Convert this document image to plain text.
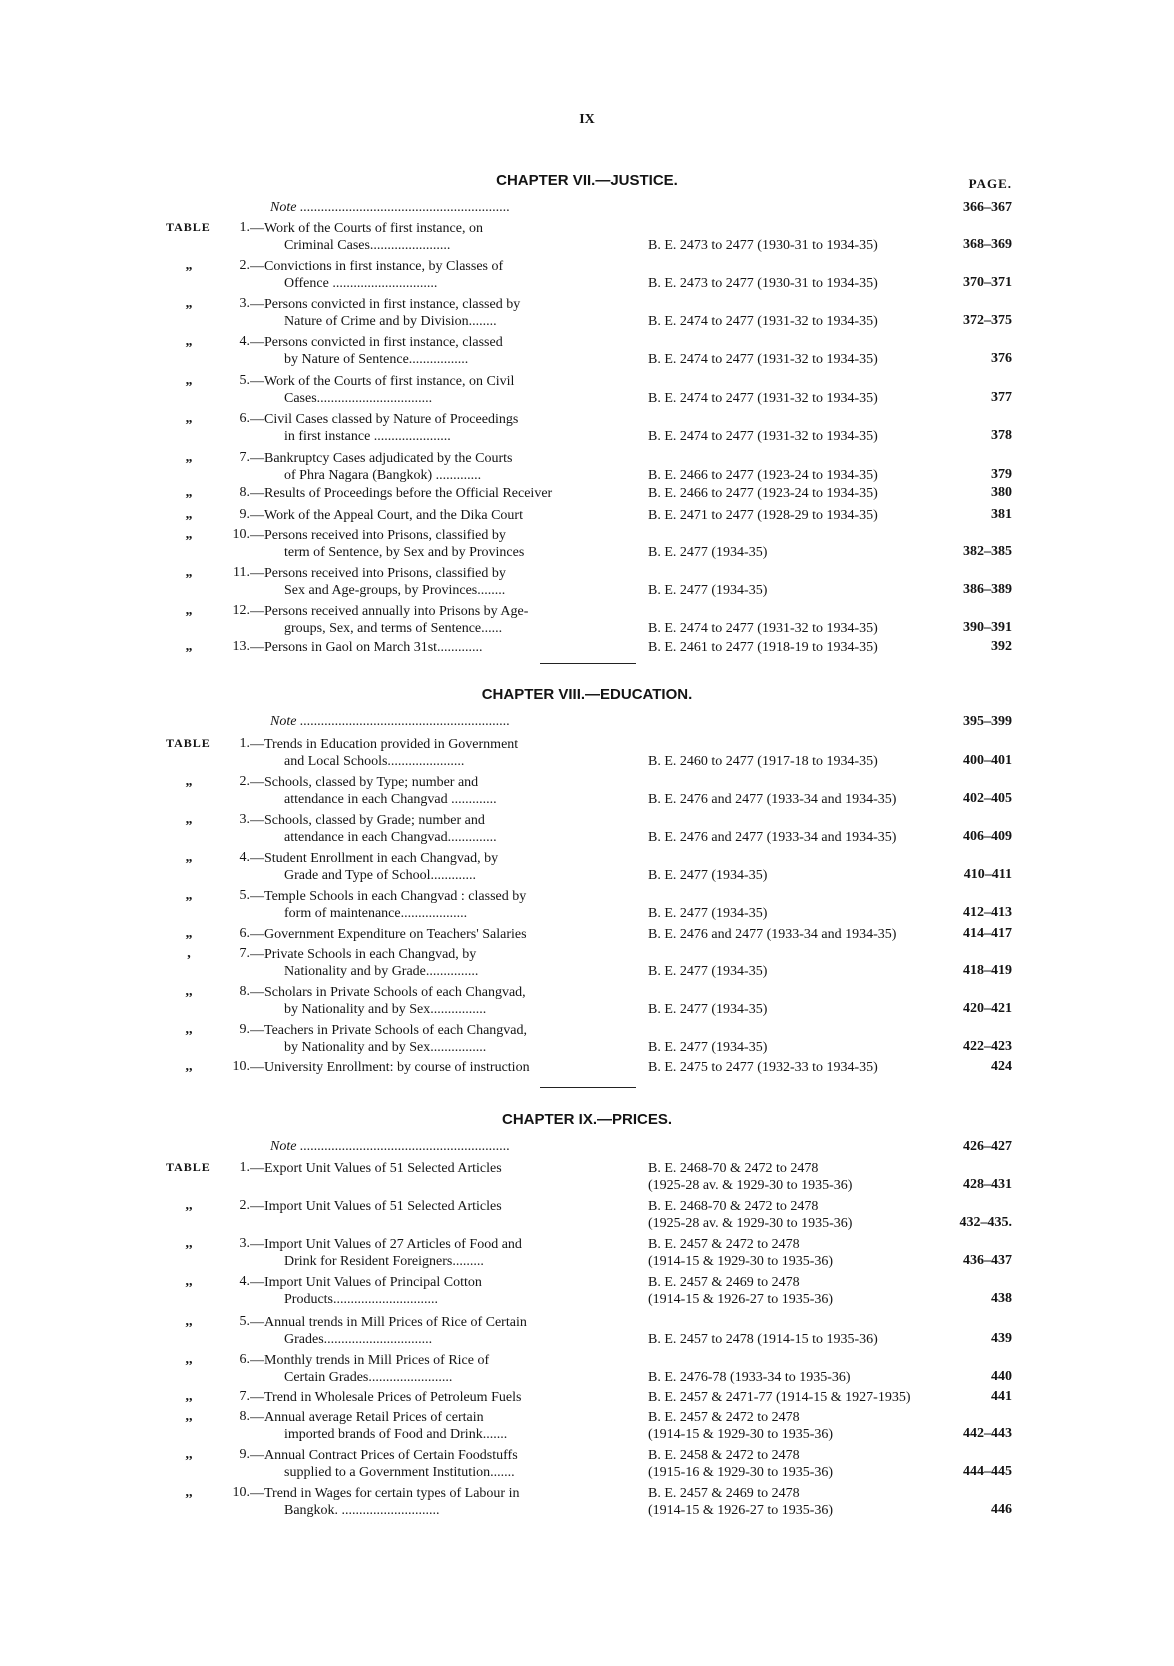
IX
PAGE.
CHAPTER VII.—JUSTICE.
Note ............................................................	366–367
TABLE	1. —Work of the Courts of first instance, on
Criminal Cases.......................	B. E. 2473 to 2477 (1930-31 to 1934-35)	368–369
„	2. —Convictions in first instance, by Classes of
Offence ..............................	B. E. 2473 to 2477 (1930-31 to 1934-35)	370–371
„	3. —Persons convicted in first instance, classed by
Nature of Crime and by Division........	B. E. 2474 to 2477 (1931-32 to 1934-35)	372–375
„	4. —Persons convicted in first instance, classed
by Nature of Sentence.................	B. E. 2474 to 2477 (1931-32 to 1934-35)	376
„	5. —Work of the Courts of first instance, on Civil
Cases.................................	B. E. 2474 to 2477 (1931-32 to 1934-35)	377
„	6. —Civil Cases classed by Nature of Proceedings
in first instance ......................	B. E. 2474 to 2477 (1931-32 to 1934-35)	378
„	7. —Bankruptcy Cases adjudicated by the Courts
of Phra Nagara (Bangkok) .............	B. E. 2466 to 2477 (1923-24 to 1934-35)	379
„	8. —Results of Proceedings before the Official Receiver	B. E. 2466 to 2477 (1923-24 to 1934-35)	380
„	9. —Work of the Appeal Court, and the Dika Court	B. E. 2471 to 2477 (1928-29 to 1934-35)	381
„	10. —Persons received into Prisons, classified by
term of Sentence, by Sex and by Provinces	B. E. 2477 (1934-35)	382–385
„	11. —Persons received into Prisons, classified by
Sex and Age-groups, by Provinces........	B. E. 2477 (1934-35)	386–389
„	12. —Persons received annually into Prisons by Age-
groups, Sex, and terms of Sentence......	B. E. 2474 to 2477 (1931-32 to 1934-35)	390–391
„	13. —Persons in Gaol on March 31st.............	B. E. 2461 to 2477 (1918-19 to 1934-35)	392
CHAPTER VIII.—EDUCATION.
Note ............................................................	395–399
TABLE	1. —Trends in Education provided in Government
and Local Schools......................	B. E. 2460 to 2477 (1917-18 to 1934-35)	400–401
„	2. —Schools, classed by Type; number and
attendance in each Changvad .............	B. E. 2476 and 2477 (1933-34 and 1934-35)	402–405
„	3. —Schools, classed by Grade; number and
attendance in each Changvad..............	B. E. 2476 and 2477 (1933-34 and 1934-35)	406–409
„	4. —Student Enrollment in each Changvad, by
Grade and Type of School.............	B. E. 2477 (1934-35)	410–411
„	5. —Temple Schools in each Changvad : classed by
form of maintenance...................	B. E. 2477 (1934-35)	412–413
„	6. —Government Expenditure on Teachers' Salaries	B. E. 2476 and 2477 (1933-34 and 1934-35)	414–417
,	7. —Private Schools in each Changvad, by
Nationality and by Grade...............	B. E. 2477 (1934-35)	418–419
,,	8. —Scholars in Private Schools of each Changvad,
by Nationality and by Sex................	B. E. 2477 (1934-35)	420–421
,,	9. —Teachers in Private Schools of each Changvad,
by Nationality and by Sex................	B. E. 2477 (1934-35)	422–423
,,	10. —University Enrollment: by course of instruction	B. E. 2475 to 2477 (1932-33 to 1934-35)	424
CHAPTER IX.—PRICES.
Note ............................................................	426–427
TABLE	1. —Export Unit Values of 51 Selected Articles	B. E. 2468-70 & 2472 to 2478
(1925-28 av. & 1929-30 to 1935-36)	428–431
,,	2. —Import Unit Values of 51 Selected Articles	B. E. 2468-70 & 2472 to 2478
(1925-28 av. & 1929-30 to 1935-36)	432–435.
,,	3. —Import Unit Values of 27 Articles of Food and
Drink for Resident Foreigners.........
B. E. 2457 & 2472 to 2478
(1914-15 & 1929-30 to 1935-36)	436–437
,,	4. —Import Unit Values of Principal Cotton
Products..............................
B. E. 2457 & 2469 to 2478
(1914-15 & 1926-27 to 1935-36)	438
,,	5. —Annual trends in Mill Prices of Rice of Certain
Grades...............................	B. E. 2457 to 2478 (1914-15 to 1935-36)	439
,,	6. —Monthly trends in Mill Prices of Rice of
Certain Grades........................	B. E. 2476-78 (1933-34 to 1935-36)	440
,,	7. —Trend in Wholesale Prices of Petroleum Fuels	B. E. 2457 & 2471-77 (1914-15 & 1927-1935)	441
,,	8. —Annual average Retail Prices of certain
imported brands of Food and Drink.......
B. E. 2457 & 2472 to 2478
(1914-15 & 1929-30 to 1935-36)	442–443
,,	9. —Annual Contract Prices of Certain Foodstuffs
supplied to a Government Institution.......
B. E. 2458 & 2472 to 2478
(1915-16 & 1929-30 to 1935-36)	444–445
,,	10. —Trend in Wages for certain types of Labour in
Bangkok. ............................
B. E. 2457 & 2469 to 2478
(1914-15 & 1926-27 to 1935-36)	446
